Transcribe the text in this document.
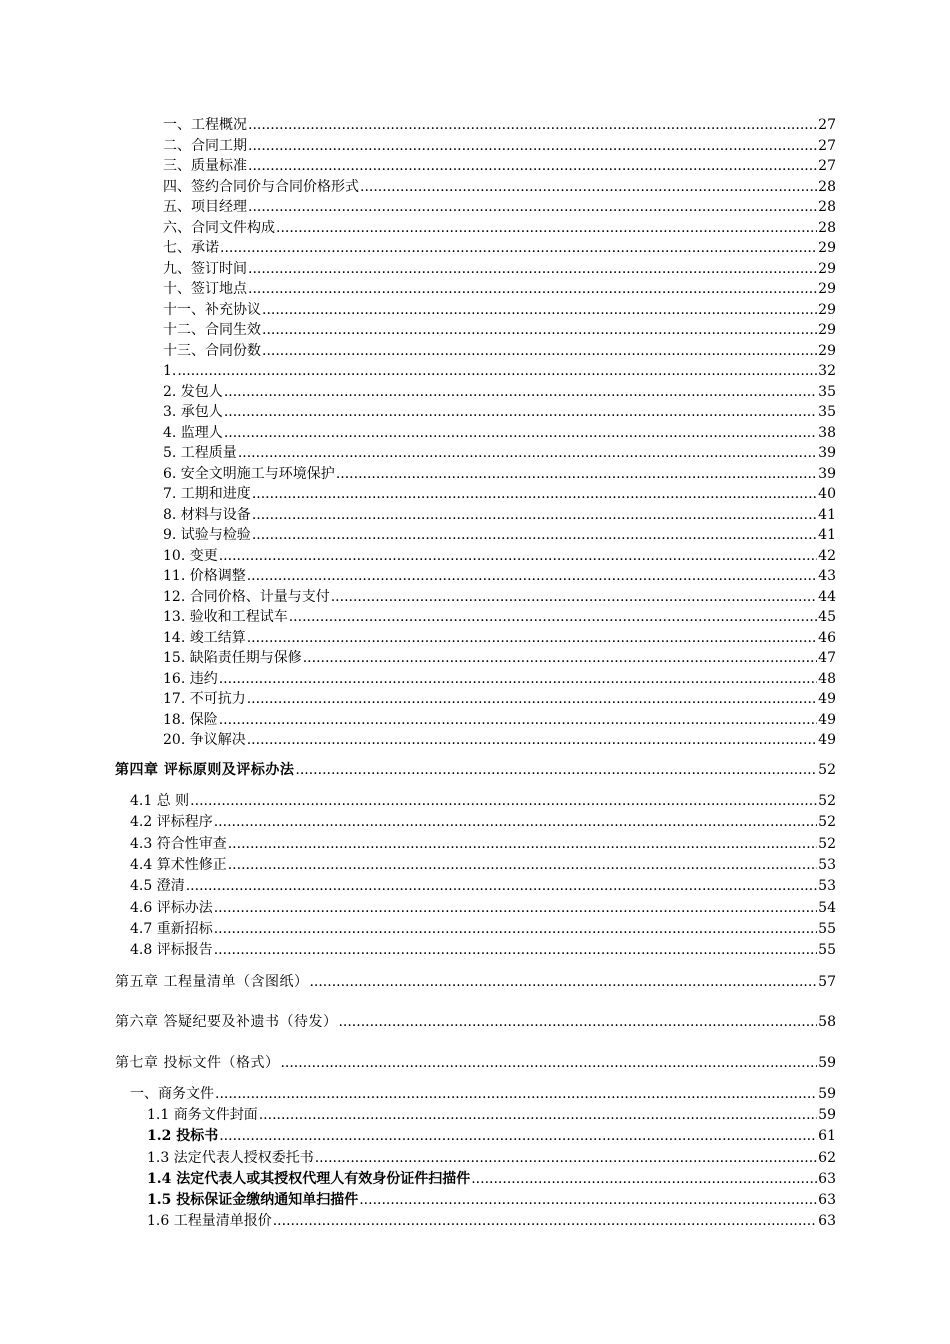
一、工程概况 .....	27
二、合同工期 .....	27
三、质量标准 .....	27
四、签约合同价与合同价格形式 .....	28
五、项目经理 .....	28
六、合同文件构成 .....	28
七、承诺 .....	29
九、签订时间 .....	29
十、签订地点 .....	29
十一、补充协议 .....	29
十二、合同生效 .....	29
十三、合同份数 .....	29
1. .....	32
2. 发包人 .....	35
3. 承包人 .....	35
4. 监理人 .....	38
5. 工程质量 .....	39
6. 安全文明施工与环境保护 .....	39
7. 工期和进度 .....	40
8. 材料与设备 .....	41
9. 试验与检验 .....	41
10. 变更 .....	42
11. 价格调整 .....	43
12. 合同价格、计量与支付 .....	44
13. 验收和工程试车 .....	45
14. 竣工结算 .....	46
15. 缺陷责任期与保修 .....	47
16. 违约 .....	48
17. 不可抗力 .....	49
18. 保险 .....	49
20. 争议解决 .....	49
第四章 评标原则及评标办法 .....	52
4.1 总 则 .....	52
4.2 评标程序 .....	52
4.3 符合性审查 .....	52
4.4 算术性修正 .....	53
4.5 澄清 .....	53
4.6 评标办法 .....	54
4.7 重新招标 .....	55
4.8 评标报告 .....	55
第五章 工程量清单（含图纸） .....	57
第六章 答疑纪要及补遗书（待发） .....	58
第七章 投标文件（格式） .....	59
一、商务文件 .....	59
1.1 商务文件封面 .....	59
1.2 投标书 .....	61
1.3 法定代表人授权委托书 .....	62
1.4 法定代表人或其授权代理人有效身份证件扫描件 .....	63
1.5 投标保证金缴纳通知单扫描件 .....	63
1.6 工程量清单报价 .....	63
